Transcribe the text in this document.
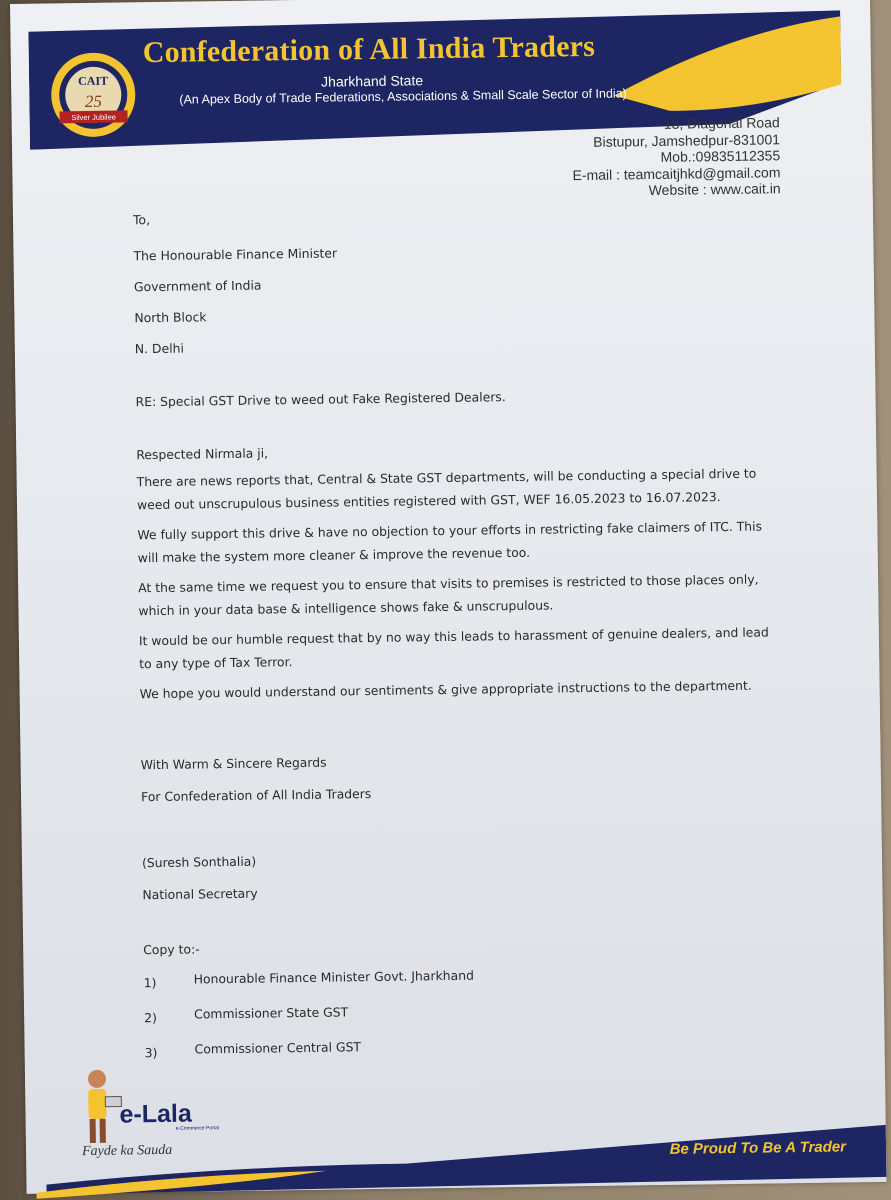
CAIT
25
Silver Jubilee
Confederation of All India Traders
Jharkhand State
(An Apex Body of Trade Federations, Associations & Small Scale Sector of India)
13, Diagonal Road
Bistupur, Jamshedpur-831001
Mob.:09835112355
E-mail : teamcaitjhkd@gmail.com
Website : www.cait.in
To,
The Honourable Finance Minister
Government of India
North Block
N. Delhi
RE: Special GST Drive to weed out Fake Registered Dealers.
Respected Nirmala ji,
There are news reports that, Central & State GST departments, will be conducting a special drive to weed out unscrupulous business entities registered with GST, WEF 16.05.2023 to 16.07.2023.
We fully support this drive & have no objection to your efforts in restricting fake claimers of ITC. This will make the system more cleaner & improve the revenue too.
At the same time we request you to ensure that visits to premises is restricted to those places only, which in your data base & intelligence shows fake & unscrupulous.
It would be our humble request that by no way this leads to harassment of genuine dealers, and lead to any type of Tax Terror.
We hope you would understand our sentiments & give appropriate instructions to the department.
With Warm & Sincere Regards
For Confederation of All India Traders
(Suresh Sonthalia)
National Secretary
Copy to:-
1)	Honourable Finance Minister Govt. Jharkhand
2)	Commissioner State GST
3)	Commissioner Central GST
e-Lala
e-Commerce Portal
Fayde ka Sauda	Be Proud To Be A Trader
